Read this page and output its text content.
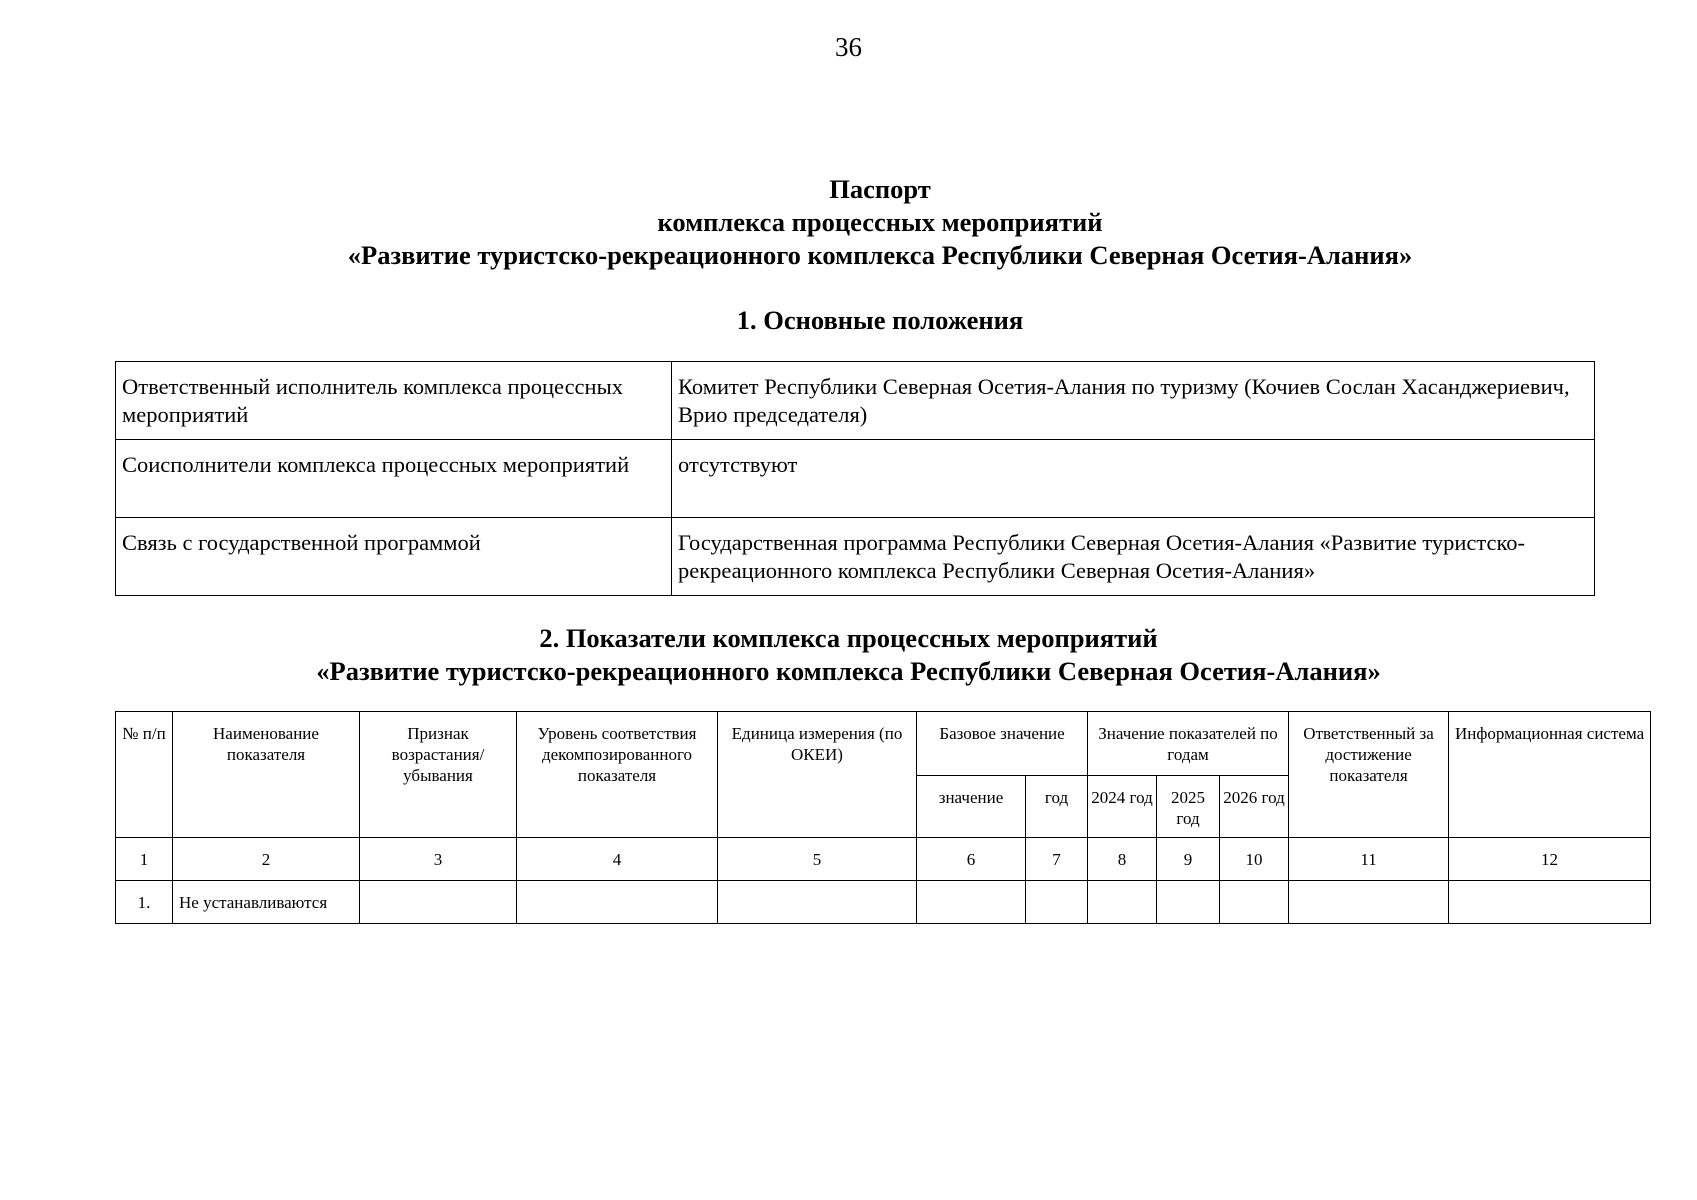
36
Паспорт
комплекса процессных мероприятий
«Развитие туристско-рекреационного комплекса Республики Северная Осетия-Алания»
1. Основные положения
Ответственный исполнитель комплекса процессных мероприятий	Комитет Республики Северная Осетия-Алания по туризму (Кочиев Сослан Хасанджериевич, Врио председателя)
Соисполнители комплекса процессных мероприятий	отсутствуют
Связь с государственной программой	Государственная программа Республики Северная Осетия-Алания «Развитие туристско-рекреационного комплекса Республики Северная Осетия-Алания»
2. Показатели комплекса процессных мероприятий
«Развитие туристско-рекреационного комплекса Республики Северная Осетия-Алания»
№ п/п	Наименование показателя	Признак возрастания/ убывания	Уровень соответствия декомпозированного показателя	Единица измерения (по ОКЕИ)	Базовое значение		Значение показателей по годам			Ответственный за достижение показателя	Информационная система
					значение	год	2024 год	2025 год	2026 год		
1	2	3	4	5	6	7	8	9	10	11	12
1.	Не устанавливаются										
